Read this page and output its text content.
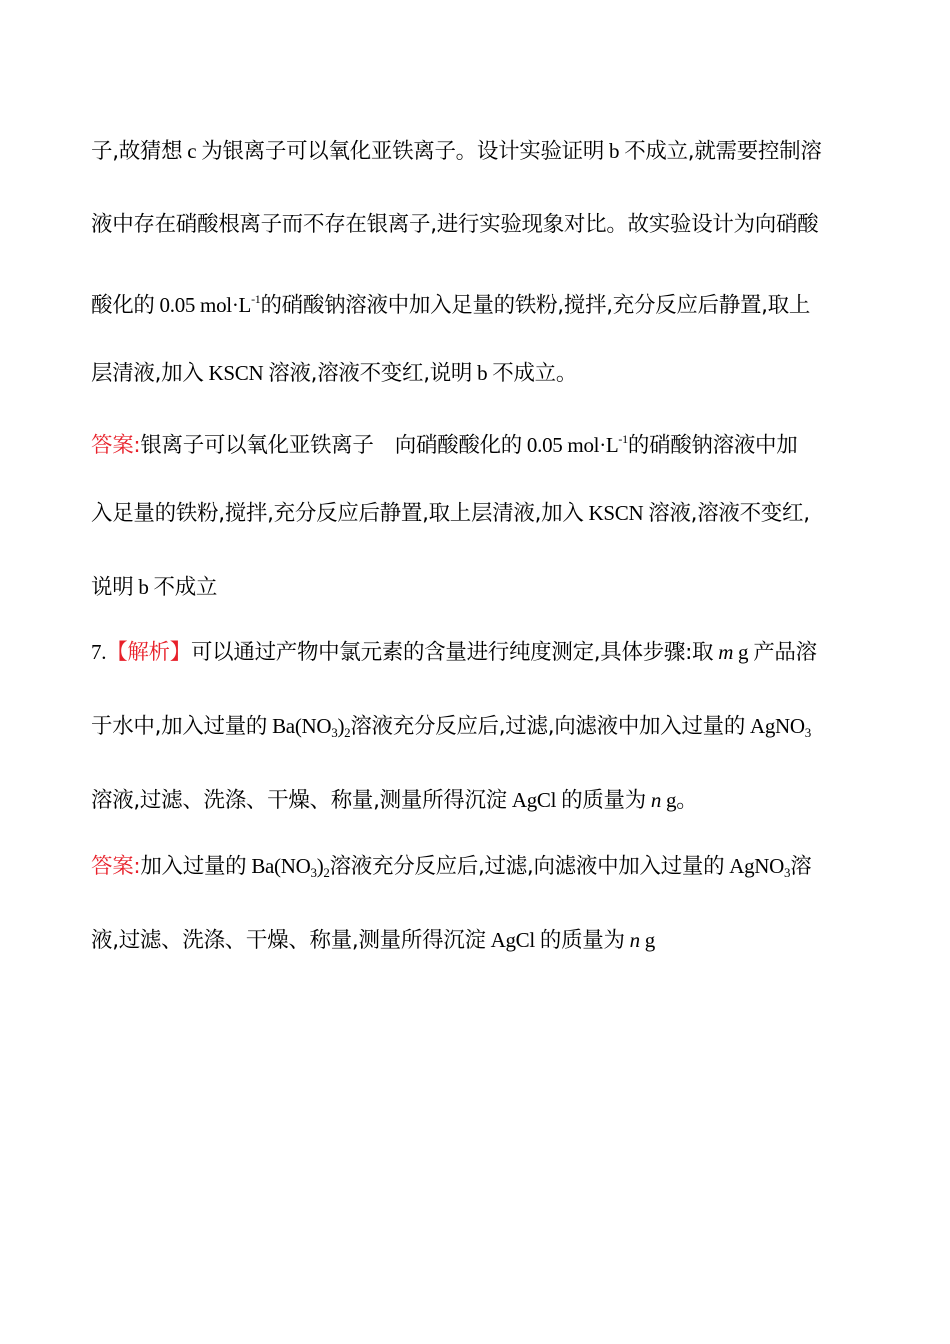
子,故猜想 c 为银离子可以氧化亚铁离子。设计实验证明 b 不成立,就需要控制溶
液中存在硝酸根离子而不存在银离子,进行实验现象对比。故实验设计为向硝酸
酸化的 0.05 $mol\cdot L^{-1}$的硝酸钠溶液中加入足量的铁粉,搅拌,充分反应后静置,取上
层清液,加入 KSCN 溶液,溶液不变红,说明 b 不成立。
答案:银离子可以氧化亚铁离子　向硝酸酸化的 0.05 $mol\cdot L^{-1}$的硝酸钠溶液中加
入足量的铁粉,搅拌,充分反应后静置,取上层清液,加入 KSCN 溶液,溶液不变红,
说明 b 不成立
7.【解析】可以通过产物中氯元素的含量进行纯度测定,具体步骤:取 m g 产品溶
于水中,加入过量的 $Ba(NO_3)_2$溶液充分反应后,过滤,向滤液中加入过量的 AgNO$_3$
溶液,过滤、洗涤、干燥、称量,测量所得沉淀 AgCl 的质量为 n g。
答案:加入过量的 $Ba(NO_3)_2$溶液充分反应后,过滤,向滤液中加入过量的 AgNO$_3$溶
液,过滤、洗涤、干燥、称量,测量所得沉淀 AgCl 的质量为 n g
